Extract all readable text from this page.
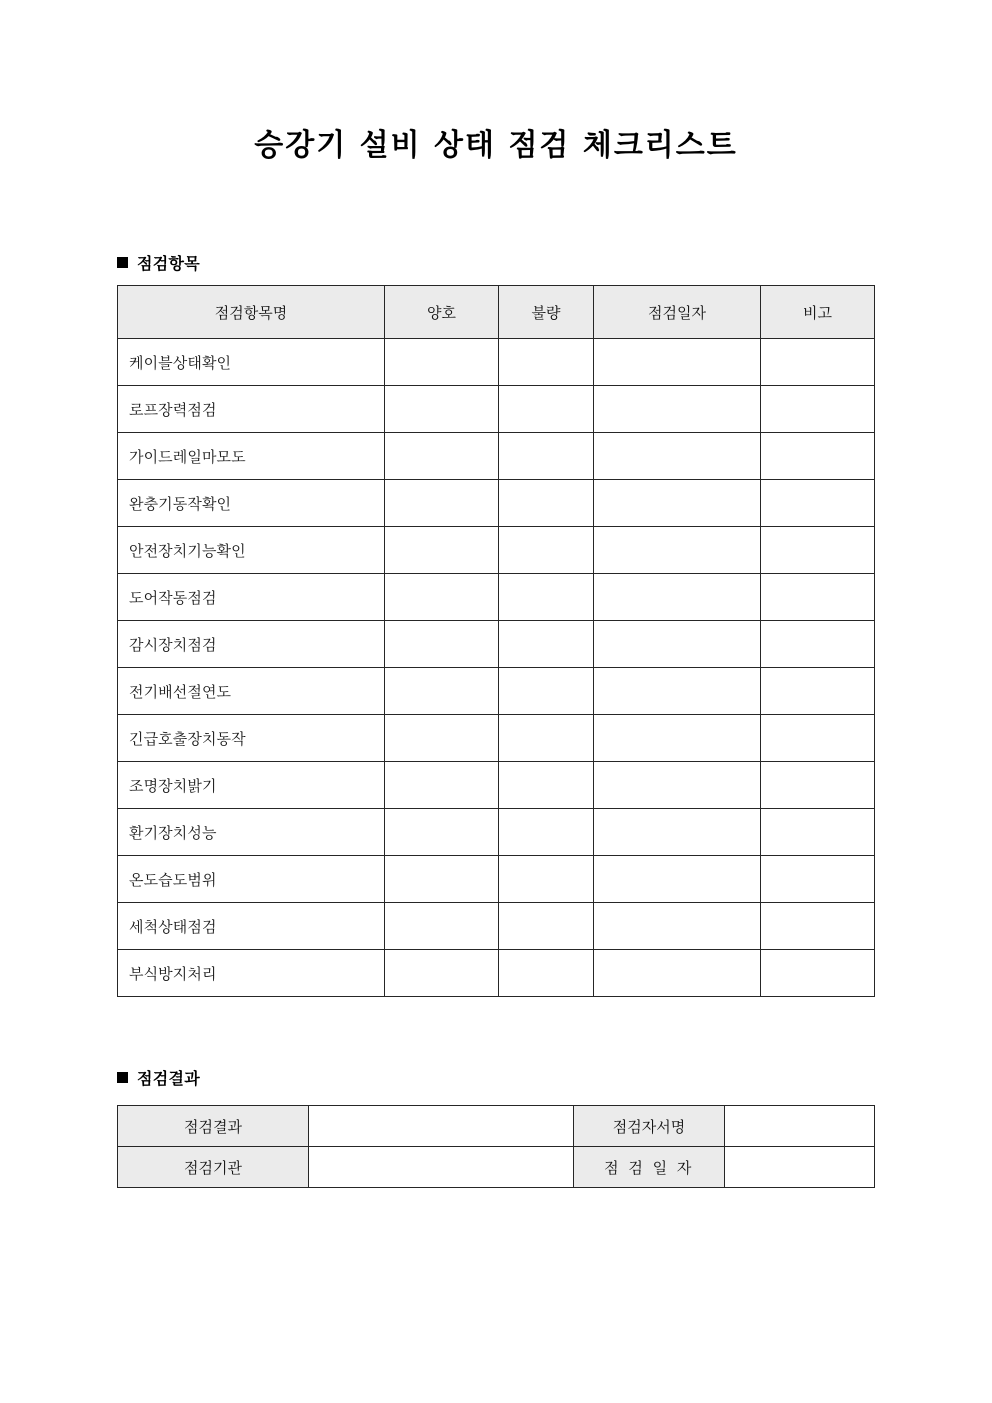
승강기 설비 상태 점검 체크리스트
점검항목
점검항목명	양호	불량	점검일자	비고
케이블상태확인				
로프장력점검				
가이드레일마모도				
완충기동작확인				
안전장치기능확인				
도어작동점검				
감시장치점검				
전기배선절연도				
긴급호출장치동작				
조명장치밝기				
환기장치성능				
온도습도범위				
세척상태점검				
부식방지처리				
점검결과
점검결과		점검자서명	
점검기관		점 검 일 자	
